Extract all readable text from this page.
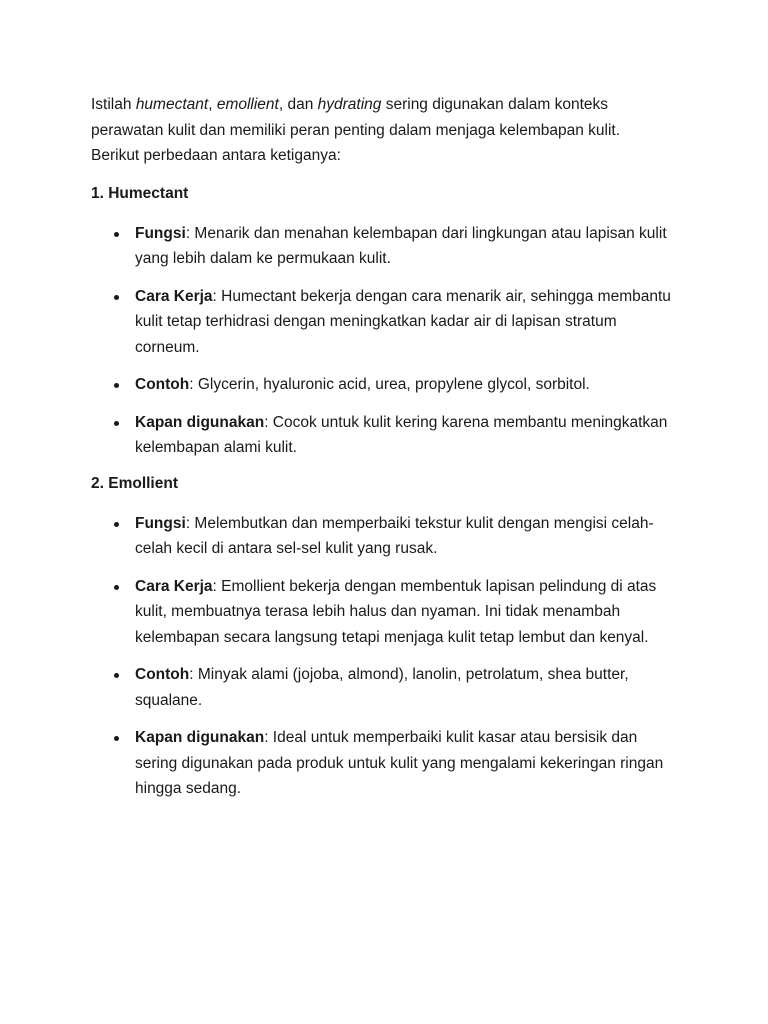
Istilah humectant, emollient, dan hydrating sering digunakan dalam konteks perawatan kulit dan memiliki peran penting dalam menjaga kelembapan kulit. Berikut perbedaan antara ketiganya:

1. Humectant
Fungsi: Menarik dan menahan kelembapan dari lingkungan atau lapisan kulit yang lebih dalam ke permukaan kulit.
Cara Kerja: Humectant bekerja dengan cara menarik air, sehingga membantu kulit tetap terhidrasi dengan meningkatkan kadar air di lapisan stratum corneum.
Contoh: Glycerin, hyaluronic acid, urea, propylene glycol, sorbitol.
Kapan digunakan: Cocok untuk kulit kering karena membantu meningkatkan kelembapan alami kulit.
2. Emollient
Fungsi: Melembutkan dan memperbaiki tekstur kulit dengan mengisi celah-celah kecil di antara sel-sel kulit yang rusak.
Cara Kerja: Emollient bekerja dengan membentuk lapisan pelindung di atas kulit, membuatnya terasa lebih halus dan nyaman. Ini tidak menambah kelembapan secara langsung tetapi menjaga kulit tetap lembut dan kenyal.
Contoh: Minyak alami (jojoba, almond), lanolin, petrolatum, shea butter, squalane.
Kapan digunakan: Ideal untuk memperbaiki kulit kasar atau bersisik dan sering digunakan pada produk untuk kulit yang mengalami kekeringan ringan hingga sedang.
